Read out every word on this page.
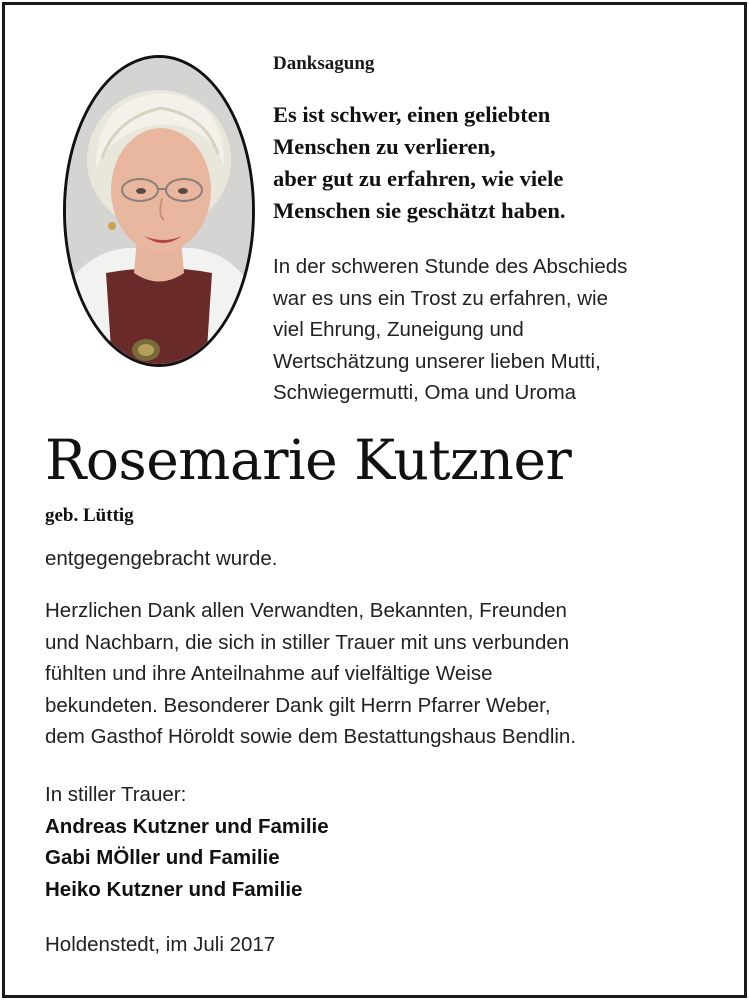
Danksagung
Es ist schwer, einen geliebten
Menschen zu verlieren,
aber gut zu erfahren, wie viele
Menschen sie geschätzt haben.
In der schweren Stunde des Abschieds
war es uns ein Trost zu erfahren, wie
viel Ehrung, Zuneigung und
Wertschätzung unserer lieben Mutti,
Schwiegermutti, Oma und Uroma
Rosemarie Kutzner
geb. Lüttig
entgegengebracht wurde.
Herzlichen Dank allen Verwandten, Bekannten, Freunden
und Nachbarn, die sich in stiller Trauer mit uns verbunden
fühlten und ihre Anteilnahme auf vielfältige Weise
bekundeten. Besonderer Dank gilt Herrn Pfarrer Weber,
dem Gasthof Höroldt sowie dem Bestattungshaus Bendlin.
In stiller Trauer:
Andreas Kutzner und Familie
Gabi MÖller und Familie
Heiko Kutzner und Familie
Holdenstedt, im Juli 2017
